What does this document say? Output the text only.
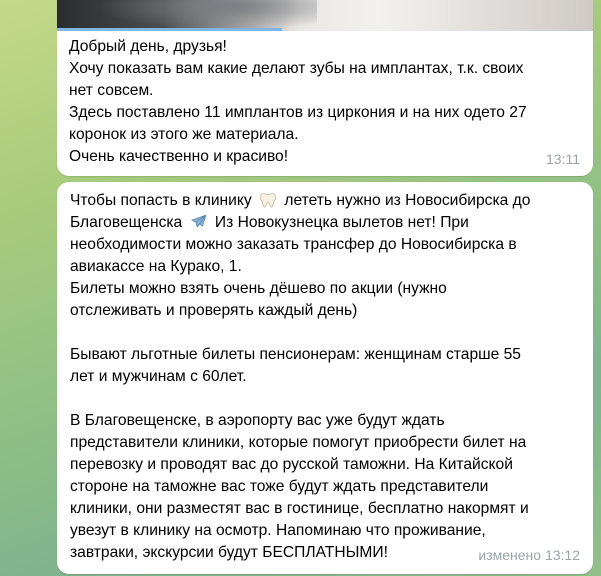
Добрый день, друзья!
Хочу показать вам какие делают зубы на имплантах, т.к. своих
нет совсем.
Здесь поставлено 11 имплантов из циркония и на них одето 27
коронок из этого же материала.
Очень качественно и красиво!	13:11
Чтобы попасть в клинику  лететь нужно из Новосибирска до
Благовещенска  Из Новокузнецка вылетов нет! При
необходимости можно заказать трансфер до Новосибирска в
авиакассе на Курако, 1.
Билеты можно взять очень дёшево по акции (нужно
отслеживать и проверять каждый день)
Бывают льготные билеты пенсионерам: женщинам старше 55
лет и мужчинам с 60лет.
В Благовещенске, в аэропорту вас уже будут ждать
представители клиники, которые помогут приобрести билет на
перевозку и проводят вас до русской таможни. На Китайской
стороне на таможне вас тоже будут ждать представители
клиники, они разместят вас в гостинице, бесплатно накормят и
увезут в клинику на осмотр. Напоминаю что проживание,
завтраки, экскурсии будут БЕСПЛАТНЫМИ!	изменено 13:12
